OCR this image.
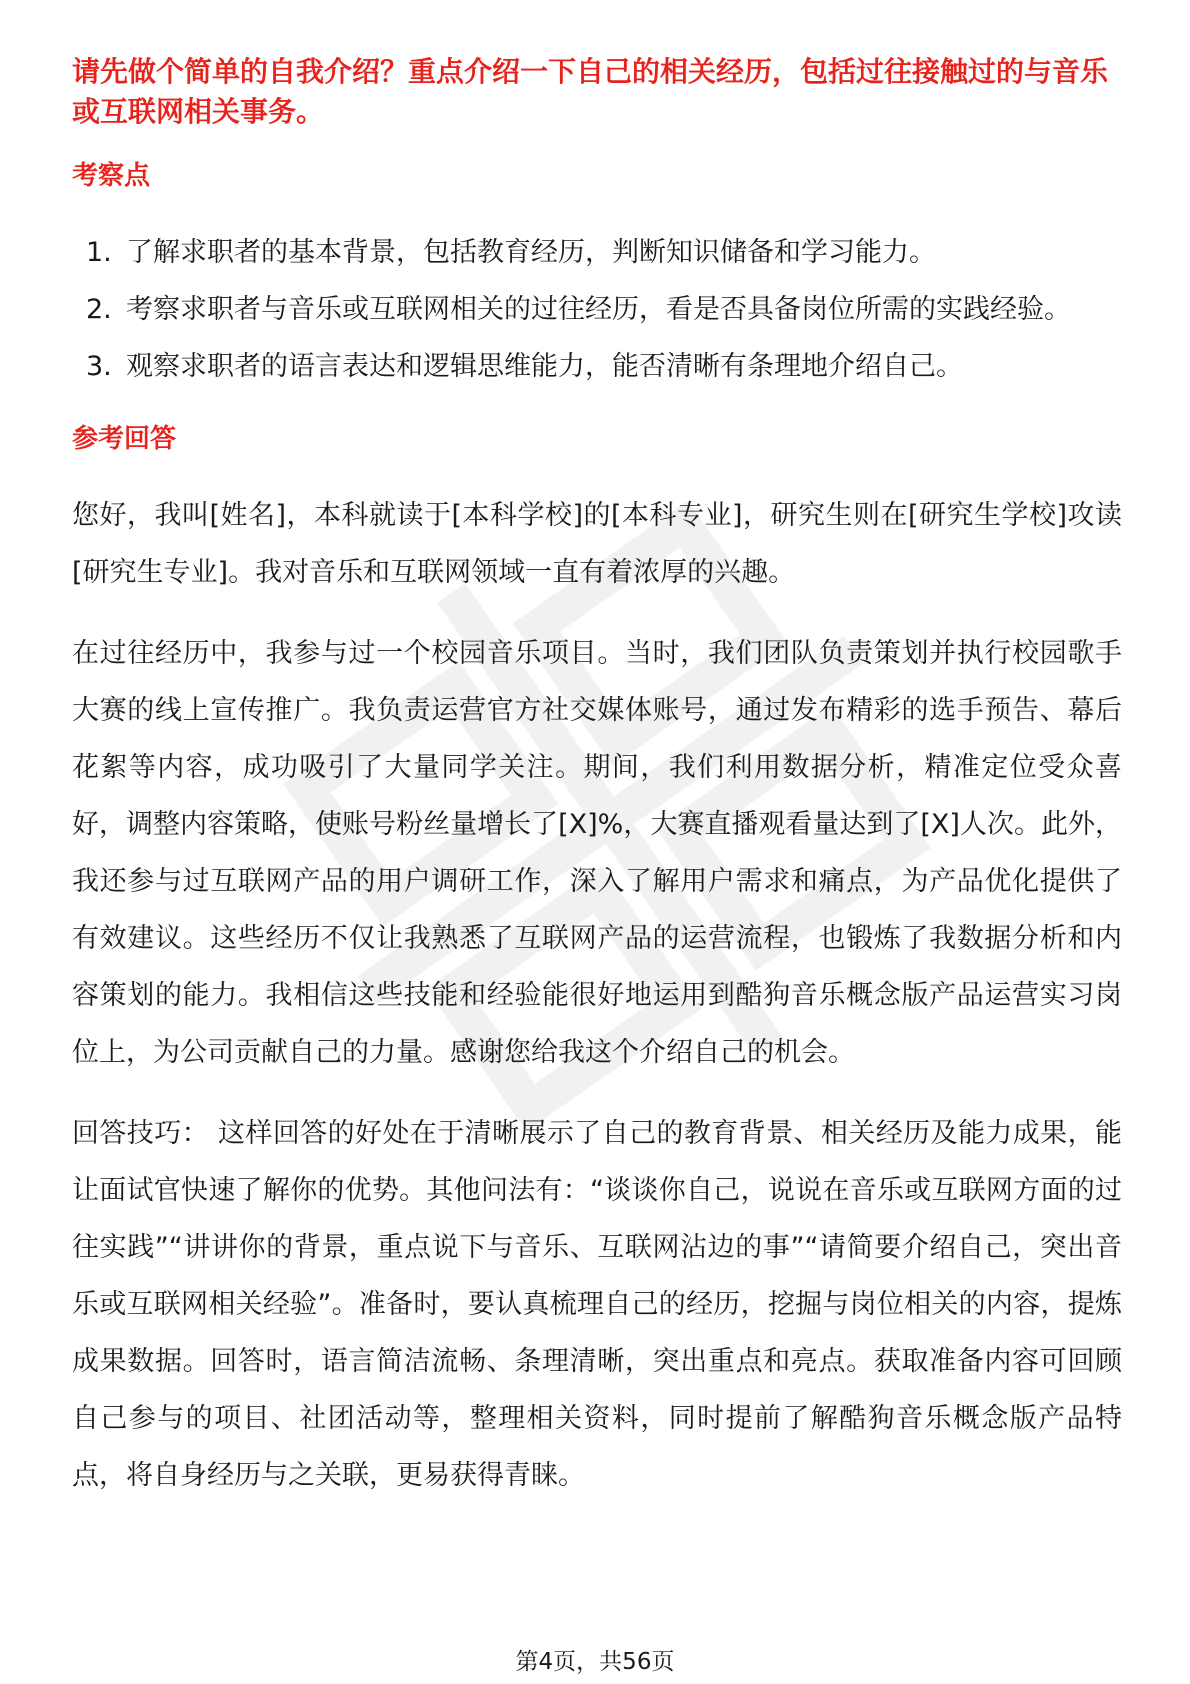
请先做个简单的自我介绍？重点介绍一下自己的相关经历，包括过往接触过的与音乐或互联网相关事务。

考察点
1. 了解求职者的基本背景，包括教育经历，判断知识储备和学习能力。
2. 考察求职者与音乐或互联网相关的过往经历，看是否具备岗位所需的实践经验。
3. 观察求职者的语言表达和逻辑思维能力，能否清晰有条理地介绍自己。
参考回答

您好，我叫[姓名]，本科就读于[本科学校]的[本科专业]，研究生则在[研究生学校]攻读[研究生专业]。我对音乐和互联网领域一直有着浓厚的兴趣。

在过往经历中，我参与过一个校园音乐项目。当时，我们团队负责策划并执行校园歌手大赛的线上宣传推广。我负责运营官方社交媒体账号，通过发布精彩的选手预告、幕后花絮等内容，成功吸引了大量同学关注。期间，我们利用数据分析，精准定位受众喜好，调整内容策略，使账号粉丝量增长了[X]%，大赛直播观看量达到了[X]人次。此外，我还参与过互联网产品的用户调研工作，深入了解用户需求和痛点，为产品优化提供了有效建议。这些经历不仅让我熟悉了互联网产品的运营流程，也锻炼了我数据分析和内容策划的能力。我相信这些技能和经验能很好地运用到酷狗音乐概念版产品运营实习岗位上，为公司贡献自己的力量。感谢您给我这个介绍自己的机会。

回答技巧： 这样回答的好处在于清晰展示了自己的教育背景、相关经历及能力成果，能让面试官快速了解你的优势。其他问法有：“谈谈你自己，说说在音乐或互联网方面的过往实践”“讲讲你的背景，重点说下与音乐、互联网沾边的事”“请简要介绍自己，突出音乐或互联网相关经验”。准备时，要认真梳理自己的经历，挖掘与岗位相关的内容，提炼成果数据。回答时，语言简洁流畅、条理清晰，突出重点和亮点。获取准备内容可回顾自己参与的项目、社团活动等，整理相关资料，同时提前了解酷狗音乐概念版产品特点，将自身经历与之关联，更易获得青睐。

第4页，共56页
